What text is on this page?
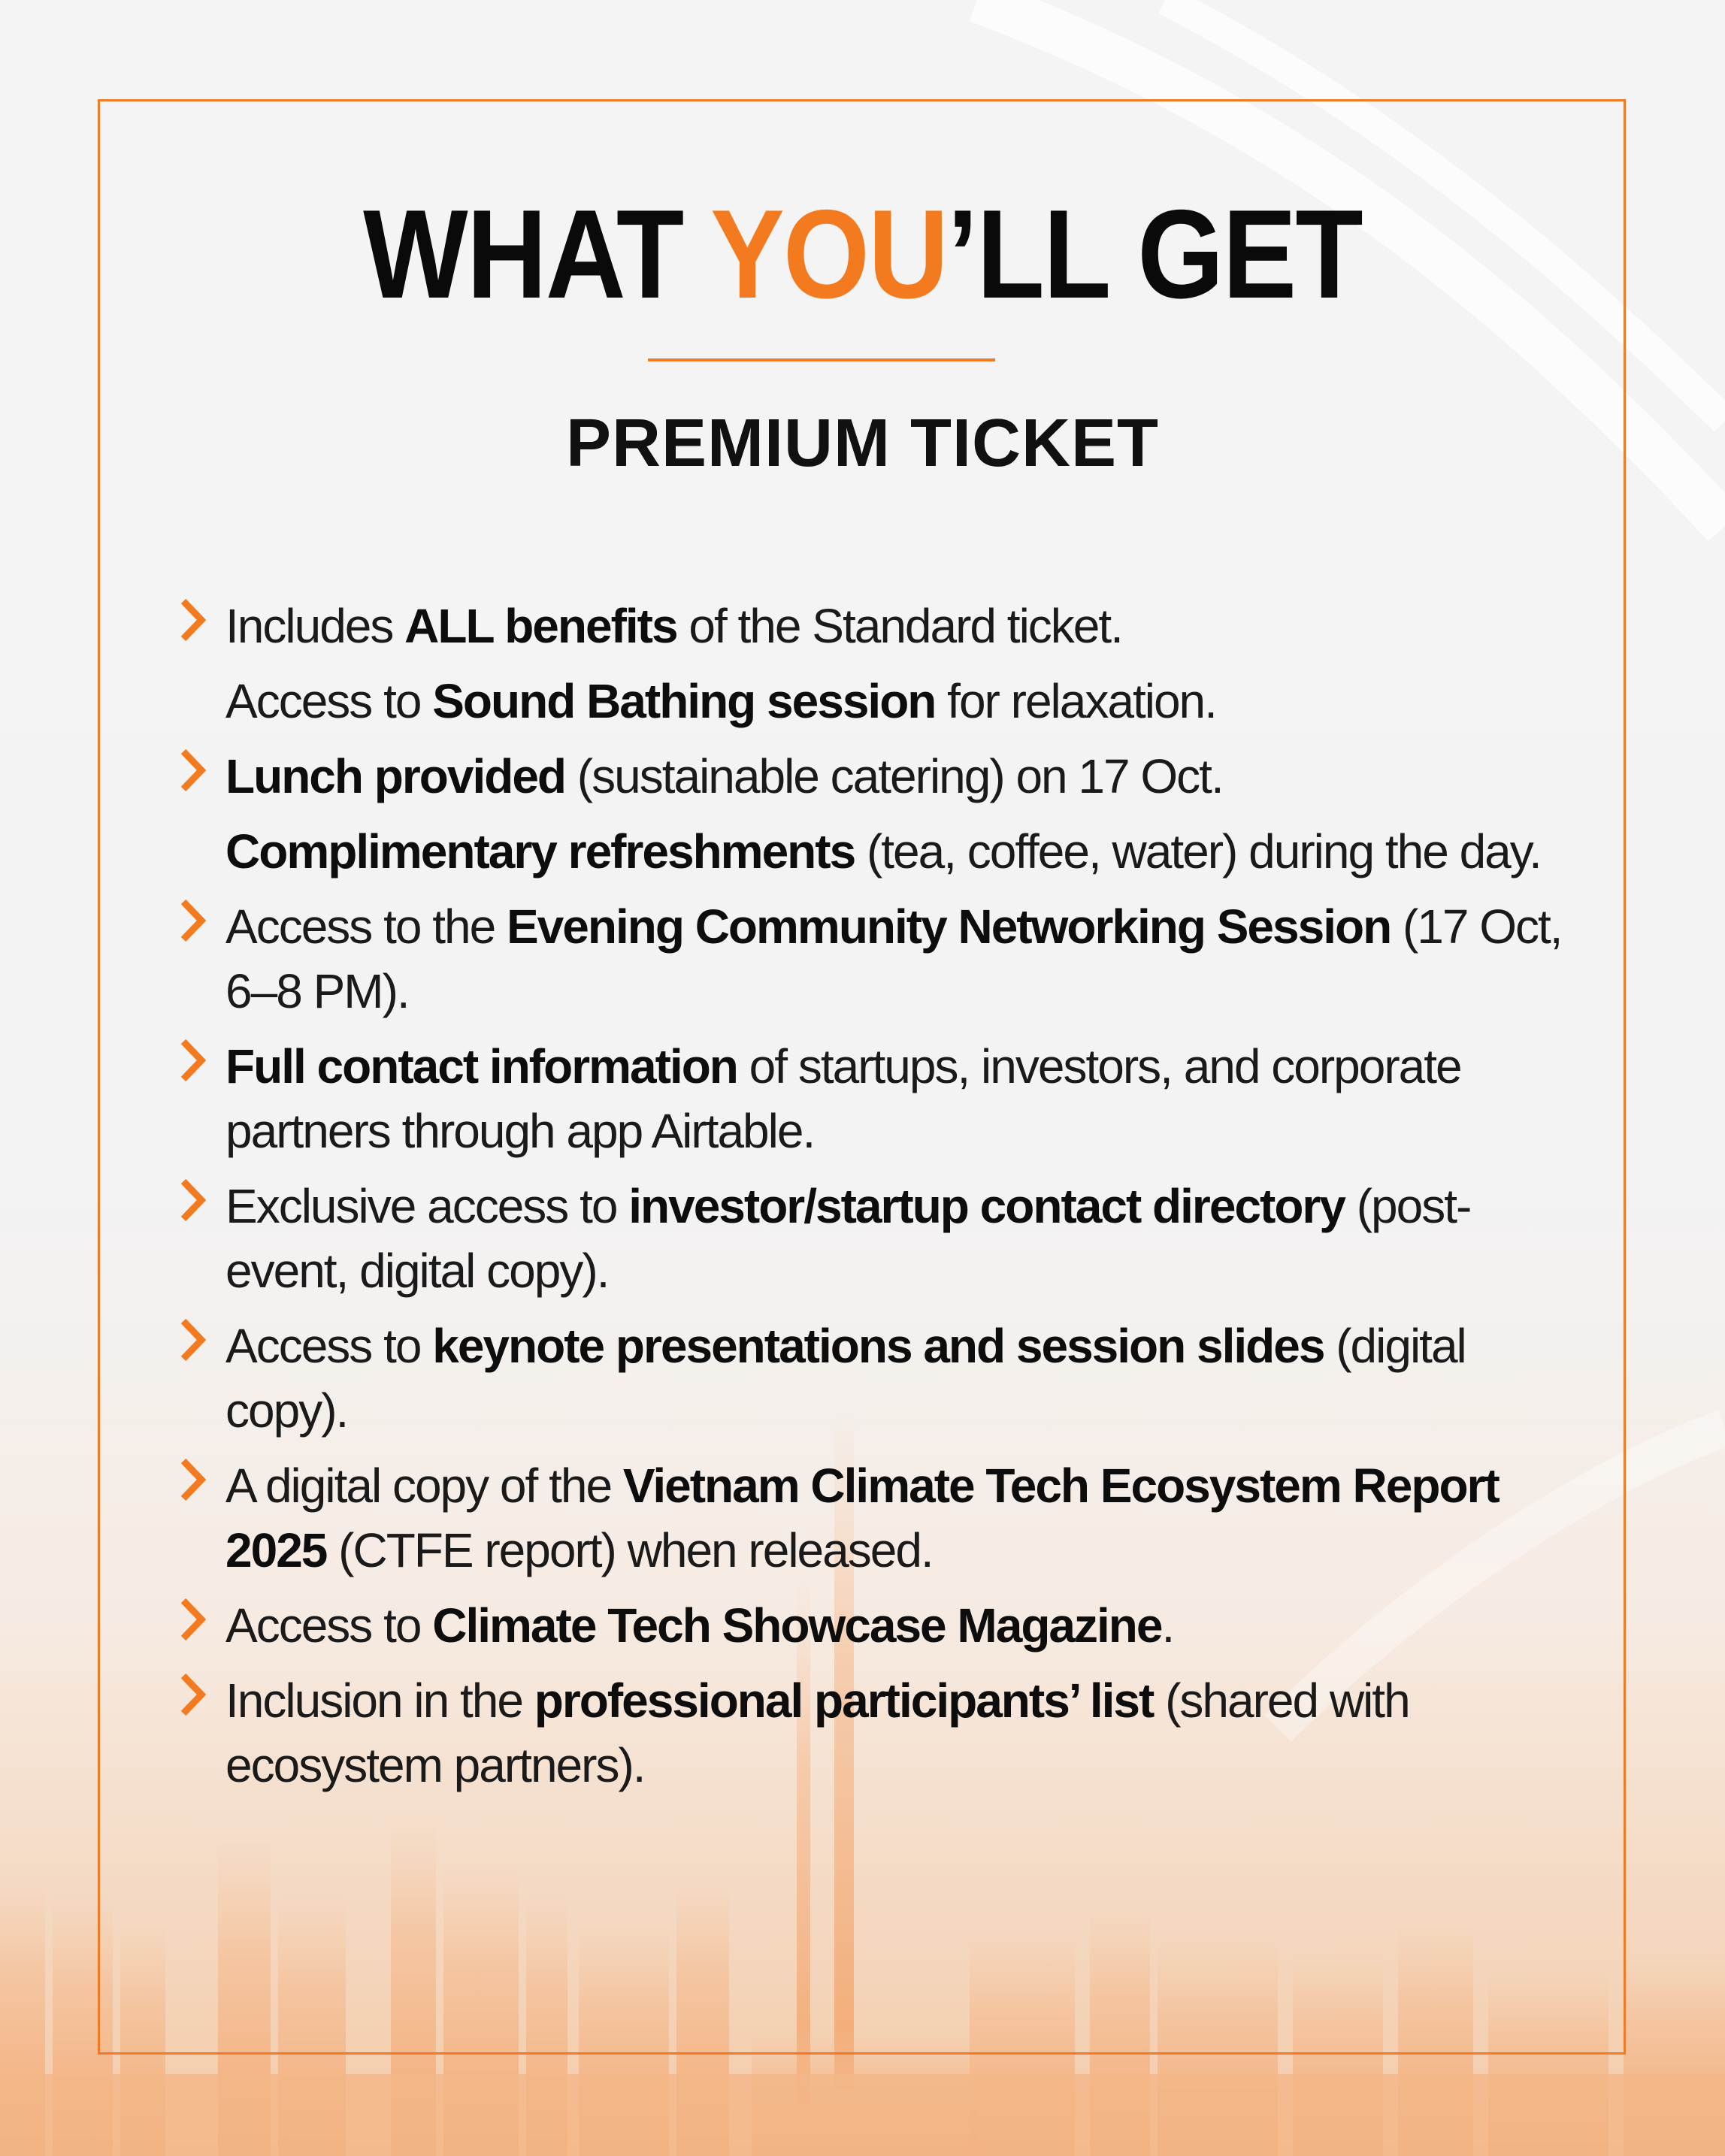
WHAT YOU’LL GET
PREMIUM TICKET
Includes ALL benefits of the Standard ticket.
Access to Sound Bathing session for relaxation.
Lunch provided (sustainable catering) on 17 Oct.
Complimentary refreshments (tea, coffee, water) during the day.
Access to the Evening Community Networking Session (17 Oct, 6–8 PM).
Full contact information of startups, investors, and corporate partners through app Airtable.
Exclusive access to investor/startup contact directory (post-event, digital copy).
Access to keynote presentations and session slides (digital copy).
A digital copy of the Vietnam Climate Tech Ecosystem Report 2025 (CTFE report) when released.
Access to Climate Tech Showcase Magazine.
Inclusion in the professional participants’ list (shared with ecosystem partners).
